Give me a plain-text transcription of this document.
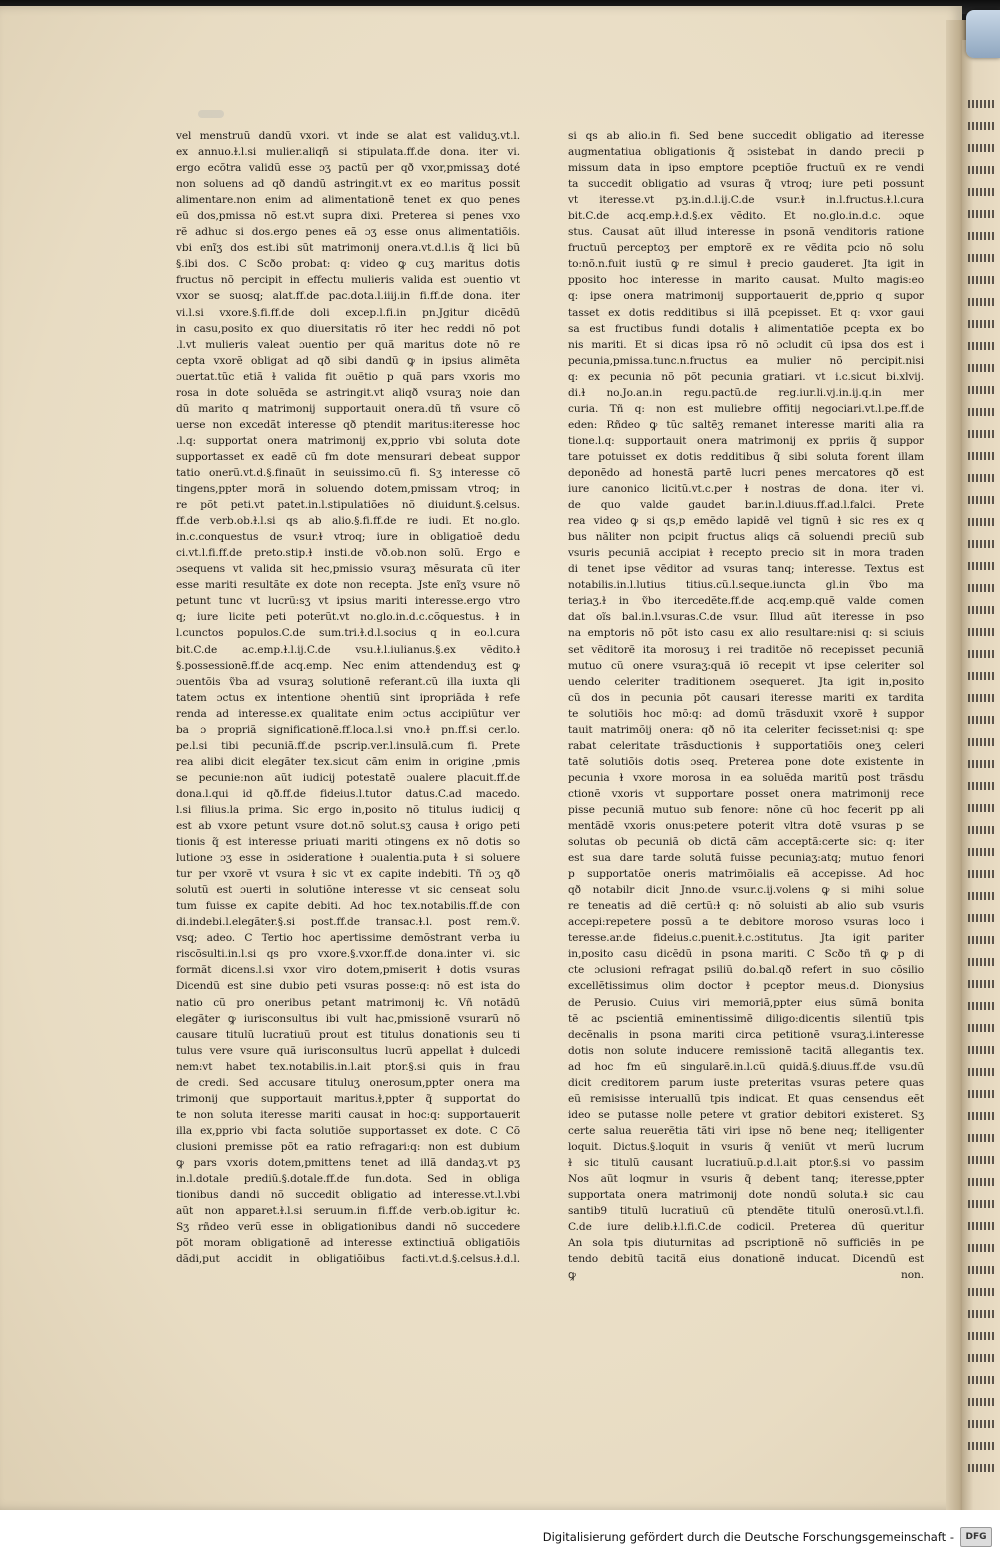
vel menstruũ dandũ vxori. vt inde se alat est validuʒ.vt.l.
ex annuo.ɫ.l.si mulier.aliqñ si stipulata.ff.de dona. iter vi.
ergo ecõtra validũ esse ɔʒ pactũ per qð vxor,pmissaʒ doté
non soluens ad qð dandũ astringit.vt ex eo maritus possit
alimentare.non enim ad alimentationẽ tenet ex quo penes
eũ dos,pmissa nõ est.vt supra dixi. Preterea si penes vxo
rẽ adhuc si dos.ergo penes eã ɔʒ esse onus alimentatiõis.
vbi enĩʒ dos est.ibi sũt matrimonij onera.vt.d.l.is q̃ lici bũ
§.ibi dos. C Scðo probat: q: video ꝙ cuʒ maritus dotis
fructus nõ percipit in effectu mulieris valida est ɔuentio vt
vxor se suosq; alat.ff.de pac.dota.l.iiij.in fi.ff.de dona. iter
vi.l.si vxore.§.fi.ff.de doli excep.l.fi.in pn.Jgitur dicẽdũ
in casu,posito ex quo diuersitatis rõ iter hec reddi nõ pot
.l.vt mulieris valeat ɔuentio per quã maritus dote nõ re
cepta vxorẽ obligat ad qð sibi dandũ ꝙ in ipsius alimẽta
ɔuertat.tũc etiã ɫ valida fit ɔuẽtio p quã pars vxoris mo
rosa in dote soluẽda se astringit.vt aliqð vsuraʒ noie dan
dũ marito q matrimonij supportauit onera.dũ tñ vsure cõ
uerse non excedãt interesse qð ptendit maritus:iteresse hoc
.l.q: supportat onera matrimonij ex,pprio vbi soluta dote
supportasset ex eadẽ cũ fm dote mensurari debeat suppor
tatio onerũ.vt.d.§.finaũt in seuissimo.cũ fi. Sʒ interesse cõ
tingens,ppter morã in soluendo dotem,pmissam vtroq; in
re põt peti.vt patet.in.l.stipulatiões nõ diuidunt.§.celsus.
ff.de verb.ob.ɫ.l.si qs ab alio.§.fi.ff.de re iudi. Et no.glo.
in.c.conquestus de vsur.ɫ vtroq; iure in obligatioẽ dedu
ci.vt.l.fi.ff.de preto.stip.ɫ insti.de vð.ob.non solũ. Ergo e
ɔsequens vt valida sit hec,pmissio vsuraʒ mẽsurata cũ iter
esse mariti resultãte ex dote non recepta. Jste enĩʒ vsure nõ
petunt tunc vt lucrũ:sʒ vt ipsius mariti interesse.ergo vtro
q; iure licite peti poterũt.vt no.glo.in.d.c.cõquestus. ɫ in
l.cunctos populos.C.de sum.tri.ɫ.d.l.socius q in eo.l.cura
bit.C.de ac.emp.ɫ.l.ij.C.de vsu.ɫ.l.iulianus.§.ex vẽdito.ɫ
§.possessionẽ.ff.de acq.emp. Nec enim attendenduʒ est ꝙ
ɔuentõis ṽba ad vsuraʒ solutionẽ referant.cũ illa iuxta qli
tatem ɔctus ex intentione ɔhentiũ sint ipropriãda ɫ refe
renda ad interesse.ex qualitate enim ɔctus accipiũtur ver
ba ɔ propriã significationẽ.ff.loca.l.si vno.ɫ pn.ff.si cer.lo.
pe.l.si tibi pecuniã.ff.de pscrip.ver.l.insulã.cum fi. Prete
rea alibi dicit elegãter tex.sicut cãm enim in origine ,pmis
se pecunie:non aũt iudicij potestatẽ ɔualere placuit.ff.de
dona.l.qui id qð.ff.de fideius.l.tutor datus.C.ad macedo.
l.si filius.la prima. Sic ergo in,posito nõ titulus iudicij q
est ab vxore petunt vsure dot.nõ solut.sʒ causa ɫ origo peti
tionis q̃ est interesse priuati mariti ɔtingens ex nõ dotis so
lutione ɔʒ esse in ɔsideratione ɫ ɔualentia.puta ɫ si soluere
tur per vxorẽ vt vsura ɫ sic vt ex capite indebiti. Tñ ɔʒ qð
solutũ est ɔuerti in solutiõne interesse vt sic censeat solu
tum fuisse ex capite debiti. Ad hoc tex.notabilis.ff.de con
di.indebi.l.elegãter.§.si post.ff.de transac.ɫ.l. post rem.ṽ.
vsq; adeo. C Tertio hoc apertissime demõstrant verba iu
riscõsulti.in.l.si qs pro vxore.§.vxor.ff.de dona.inter vi. sic
formãt dicens.l.si vxor viro dotem,pmiserit ɫ dotis vsuras
Dicendũ est sine dubio peti vsuras posse:q: nõ est ista do
natio cũ pro oneribus petant matrimonij ɫc. Vñ notãdũ
elegãter ꝙ iurisconsultus ibi vult hac,pmissionẽ vsurarũ nõ
causare titulũ lucratiuũ prout est titulus donationis seu ti
tulus vere vsure quã iurisconsultus lucrũ appellat ɫ dulcedi
nem:vt habet tex.notabilis.in.l.ait ptor.§.si quis in frau
de credi. Sed accusare tituluʒ onerosum,ppter onera ma
trimonij que supportauit maritus.ɫ,ppter q̃ supportat do
te non soluta iteresse mariti causat in hoc:q: supportauerit
illa ex,pprio vbi facta solutiõe supportasset ex dote. C Cõ
clusioni premisse põt ea ratio refragari:q: non est dubium
ꝙ pars vxoris dotem,pmittens tenet ad illã dandaʒ.vt pʒ
in.l.dotale prediũ.§.dotale.ff.de fun.dota. Sed in obliga
tionibus dandi nõ succedit obligatio ad interesse.vt.l.vbi
aũt non apparet.ɫ.l.si seruum.in fi.ff.de verb.ob.igitur ɫc.
Sʒ rñdeo verũ esse in obligationibus dandi nõ succedere
põt moram obligationẽ ad interesse extinctiuã obligatiõis
dãdi,put accidit in obligatiõibus facti.vt.d.§.celsus.ɫ.d.l.
si qs ab alio.in fi. Sed bene succedit obligatio ad iteresse
augmentatiua obligationis q̃ ɔsistebat in dando precii p
missum data in ipso emptore pceptiõe fructuũ ex re vendi
ta succedit obligatio ad vsuras q̃ vtroq; iure peti possunt
vt iteresse.vt pʒ.in.d.l.ij.C.de vsur.ɫ in.l.fructus.ɫ.l.cura
bit.C.de acq.emp.ɫ.d.§.ex vẽdito. Et no.glo.in.d.c. ɔque
stus. Causat aũt illud interesse in psonã venditoris ratione
fructuũ perceptoʒ per emptorẽ ex re vẽdita pcio nõ solu
to:nõ.n.fuit iustũ ꝙ re simul ɫ precio gauderet. Jta igit in
pposito hoc interesse in marito causat. Multo magis:eo
q: ipse onera matrimonij supportauerit de,pprio q supor
tasset ex dotis redditibus si illã pcepisset. Et q: vxor gaui
sa est fructibus fundi dotalis ɫ alimentatiõe pcepta ex bo
nis mariti. Et si dicas ipsa rõ nõ ɔcludit cũ ipsa dos est i
pecunia,pmissa.tunc.n.fructus ea mulier nõ percipit.nisi
q: ex pecunia nõ põt pecunia gratiari. vt i.c.sicut bi.xlvij.
di.ɫ no.Jo.an.in regu.pactũ.de reg.iur.li.vj.in.ij.q.in mer
curia. Tñ q: non est muliebre offitij negociari.vt.l.pe.ff.de
eden: Rñdeo ꝙ tũc saltẽʒ remanet interesse mariti alia ra
tione.l.q: supportauit onera matrimonij ex ppriis q̃ suppor
tare potuisset ex dotis redditibus q̃ sibi soluta forent illam
deponẽdo ad honestã partẽ lucri penes mercatores qð est
iure canonico licitũ.vt.c.per ɫ nostras de dona. iter vi.
de quo valde gaudet bar.in.l.diuus.ff.ad.l.falci. Prete
rea video ꝙ si qs,p emẽdo lapidẽ vel tignũ ɫ sic res ex q
bus nãliter non pcipit fructus aliqs cã soluendi preciũ sub
vsuris pecuniã accipiat ɫ recepto precio sit in mora traden
di tenet ipse vẽditor ad vsuras tanq; interesse. Textus est
notabilis.in.l.lutius titius.cũ.l.seque.iuncta gl.in ṽbo ma
teriaʒ.ɫ in ṽbo itercedẽte.ff.de acq.emp.quẽ valde comen
dat oĩs bal.in.l.vsuras.C.de vsur. Illud aũt iteresse in pso
na emptoris nõ põt isto casu ex alio resultare:nisi q: si sciuis
set vẽditorẽ ita morosuʒ i rei traditõe nõ recepisset pecuniã
mutuo cũ onere vsuraʒ:quã iõ recepit vt ipse celeriter sol
uendo celeriter traditionem ɔsequeret. Jta igit in,posito
cũ dos in pecunia põt causari iteresse mariti ex tardita
te solutiõis hoc mõ:q: ad domũ trãsduxit vxorẽ ɫ suppor
tauit matrimõij onera: qð nõ ita celeriter fecisset:nisi q: spe
rabat celeritate trãsductionis ɫ supportatiõis oneʒ celeri
tatẽ solutiõis dotis ɔseq. Preterea pone dote existente in
pecunia ɫ vxore morosa in ea soluẽda maritũ post trãsdu
ctionẽ vxoris vt supportare posset onera matrimonij rece
pisse pecuniã mutuo sub fenore: nõne cũ hoc fecerit pp ali
mentãdẽ vxoris onus:petere poterit vltra dotẽ vsuras p se
solutas ob pecuniã ob dictã cãm acceptã:certe sic: q: iter
est sua dare tarde solutã fuisse pecuniaʒ:atq; mutuo fenori
p supportatõe oneris matrimõialis eã accepisse. Ad hoc
qð notabilr dicit Jnno.de vsur.c.ij.volens ꝙ si mihi solue
re teneatis ad diẽ certũ:ɫ q: nõ soluisti ab alio sub vsuris
accepi:repetere possũ a te debitore moroso vsuras loco i
teresse.ar.de fideius.c.puenit.ɫ.c.ɔstitutus. Jta igit pariter
in,posito casu dicẽdũ in psona mariti. C Scðo tñ ꝙ p di
cte ɔclusioni refragat psiliũ do.bal.qð refert in suo cõsilio
excellẽtissimus olim doctor ɫ pceptor meus.d. Dionysius
de Perusio. Cuius viri memoriã,ppter eius sũmã bonita
tẽ ac pscientiã eminentissimẽ diligo:dicentis silentiũ tpis
decẽnalis in psona mariti circa petitionẽ vsuraʒ.i.interesse
dotis non solute inducere remissionẽ tacitã allegantis tex.
ad hoc fm eũ singularẽ.in.l.cũ quidã.§.diuus.ff.de vsu.dũ
dicit creditorem parum iuste preteritas vsuras petere quas
eũ remisisse interuallũ tpis indicat. Et quas censendus eẽt
ideo se putasse nolle petere vt gratior debitori existeret. Sʒ
certe salua reuerẽtia tãti viri ipse nõ bene neq; itelligenter
loquit. Dictus.§.loquit in vsuris q̃ veniũt vt merũ lucrum
ɫ sic titulũ causant lucratiuũ.p.d.l.ait ptor.§.si vo passim
Nos aũt loqmur in vsuris q̃ debent tanq; iteresse,ppter
supportata onera matrimonij dote nondũ soluta.ɫ sic cau
santib9 titulũ lucratiuũ cũ ptendẽte titulũ onerosũ.vt.l.fi.
C.de iure delib.ɫ.l.fi.C.de codicil. Preterea dũ queritur
An sola tpis diuturnitas ad pscriptionẽ nõ sufficiẽs in pe
tendo debitũ tacitã eius donationẽ inducat. Dicendũ est
ꝙ non.
Digitalisierung gefördert durch die Deutsche Forschungsgemeinschaft -	DFG
